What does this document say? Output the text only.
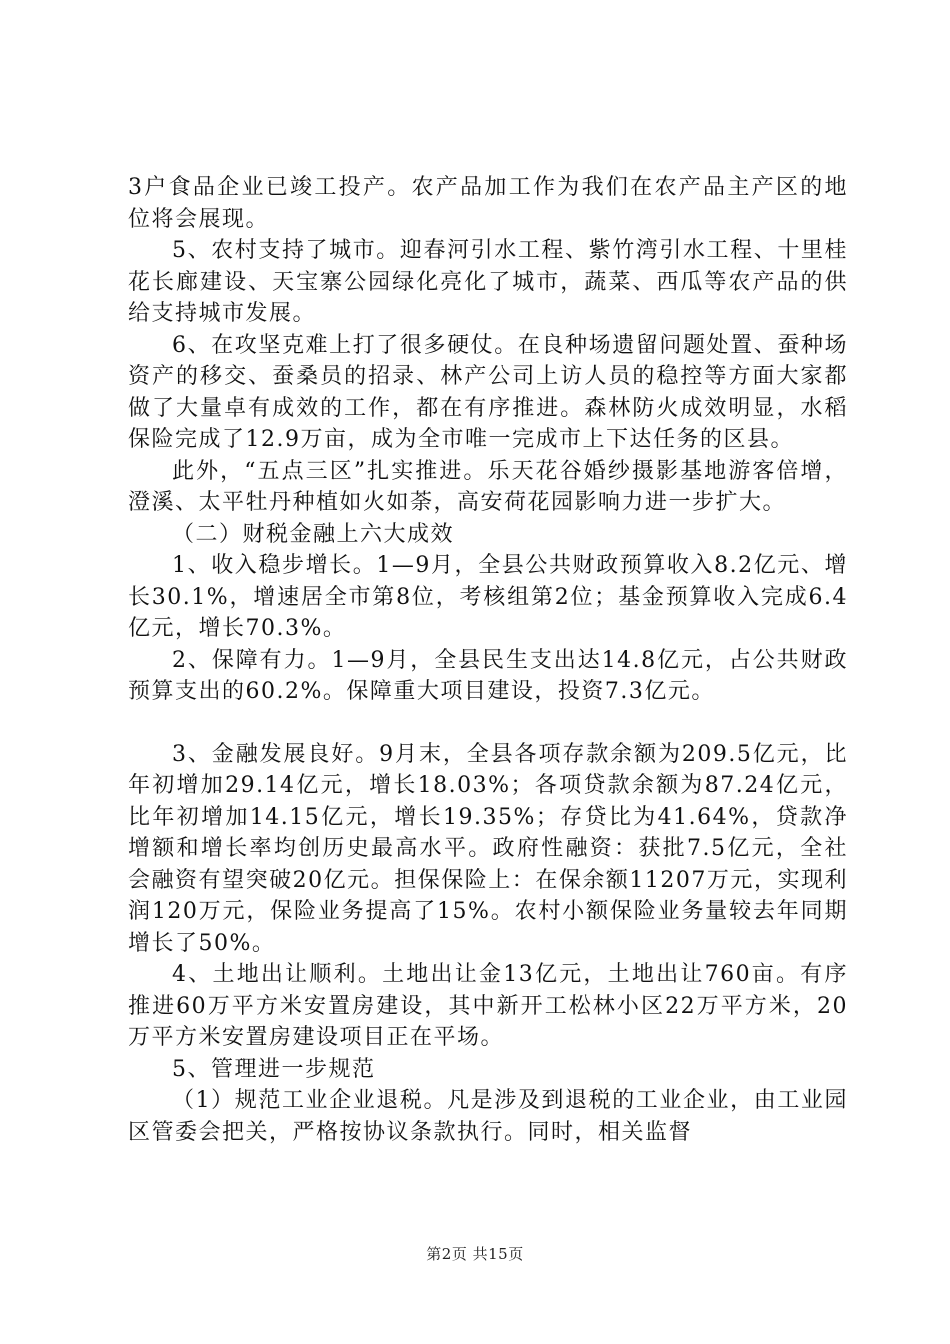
3户食品企业已竣工投产。农产品加工作为我们在农产品主产区的地位将会展现。

5、农村支持了城市。迎春河引水工程、紫竹湾引水工程、十里桂花长廊建设、天宝寨公园绿化亮化了城市，蔬菜、西瓜等农产品的供给支持城市发展。

6、在攻坚克难上打了很多硬仗。在良种场遗留问题处置、蚕种场资产的移交、蚕桑员的招录、林产公司上访人员的稳控等方面大家都做了大量卓有成效的工作，都在有序推进。森林防火成效明显，水稻保险完成了12.9万亩，成为全市唯一完成市上下达任务的区县。

此外，“五点三区”扎实推进。乐天花谷婚纱摄影基地游客倍增，澄溪、太平牡丹种植如火如荼，高安荷花园影响力进一步扩大。

（二）财税金融上六大成效

1、收入稳步增长。1—9月，全县公共财政预算收入8.2亿元、增长30.1%，增速居全市第8位，考核组第2位；基金预算收入完成6.4亿元，增长70.3%。

2、保障有力。1—9月，全县民生支出达14.8亿元，占公共财政预算支出的60.2%。保障重大项目建设，投资7.3亿元。

3、金融发展良好。9月末，全县各项存款余额为209.5亿元，比年初增加29.14亿元，增长18.03%；各项贷款余额为87.24亿元，比年初增加14.15亿元，增长19.35%；存贷比为41.64%，贷款净增额和增长率均创历史最高水平。政府性融资：获批7.5亿元，全社会融资有望突破20亿元。担保保险上：在保余额11207万元，实现利润120万元，保险业务提高了15%。农村小额保险业务量较去年同期增长了50%。

4、土地出让顺利。土地出让金13亿元，土地出让760亩。有序推进60万平方米安置房建设，其中新开工松林小区22万平方米，20万平方米安置房建设项目正在平场。

5、管理进一步规范

（1）规范工业企业退税。凡是涉及到退税的工业企业，由工业园区管委会把关，严格按协议条款执行。同时，相关监督

第2页 共15页
